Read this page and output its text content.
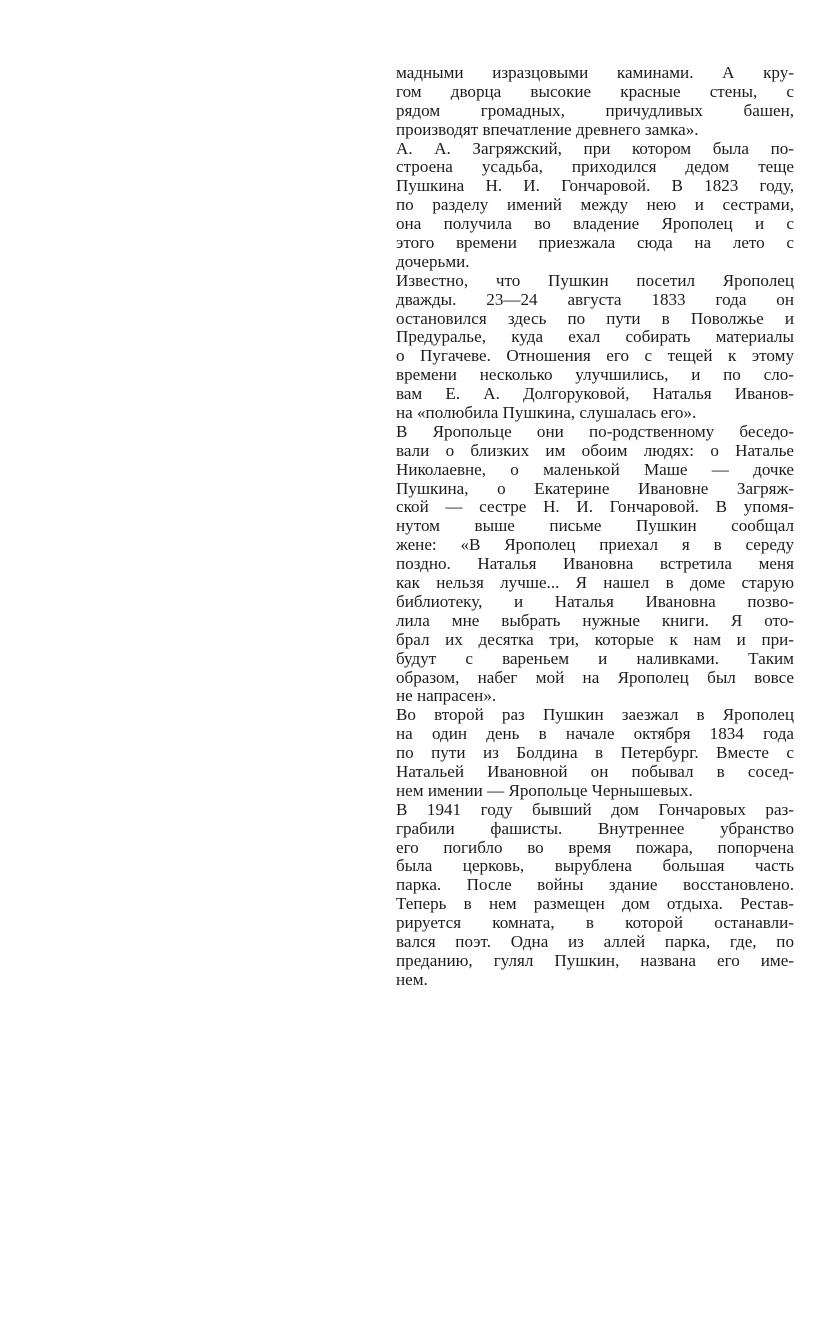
мадными изразцовыми каминами. А кру-
гом дворца высокие красные стены, с
рядом громадных, причудливых башен,
производят впечатление древнего замка».

А. А. Загряжский, при котором была по-
строена усадьба, приходился дедом теще
Пушкина Н. И. Гончаровой. В 1823 году,
по разделу имений между нею и сестрами,
она получила во владение Ярополец и с
этого времени приезжала сюда на лето с
дочерьми.

Известно, что Пушкин посетил Ярополец
дважды. 23—24 августа 1833 года он
остановился здесь по пути в Поволжье и
Предуралье, куда ехал собирать материалы
о Пугачеве. Отношения его с тещей к этому
времени несколько улучшились, и по сло-
вам Е. А. Долгоруковой, Наталья Иванов-
на «полюбила Пушкина, слушалась его».

В Яропольце они по-родственному беседо-
вали о близких им обоим людях: о Наталье
Николаевне, о маленькой Маше — дочке
Пушкина, о Екатерине Ивановне Загряж-
ской — сестре Н. И. Гончаровой. В упомя-
нутом выше письме Пушкин сообщал
жене: «В Ярополец приехал я в середу
поздно. Наталья Ивановна встретила меня
как нельзя лучше... Я нашел в доме старую
библиотеку, и Наталья Ивановна позво-
лила мне выбрать нужные книги. Я ото-
брал их десятка три, которые к нам и при-
будут с вареньем и наливками. Таким
образом, набег мой на Ярополец был вовсе
не напрасен».

Во второй раз Пушкин заезжал в Ярополец
на один день в начале октября 1834 года
по пути из Болдина в Петербург. Вместе с
Натальей Ивановной он побывал в сосед-
нем имении — Яропольце Чернышевых.

В 1941 году бывший дом Гончаровых раз-
грабили фашисты. Внутреннее убранство
его погибло во время пожара, попорчена
была церковь, вырублена большая часть
парка. После войны здание восстановлено.
Теперь в нем размещен дом отдыха. Рестав-
рируется комната, в которой останавли-
вался поэт. Одна из аллей парка, где, по
преданию, гулял Пушкин, названа его име-
нем.
